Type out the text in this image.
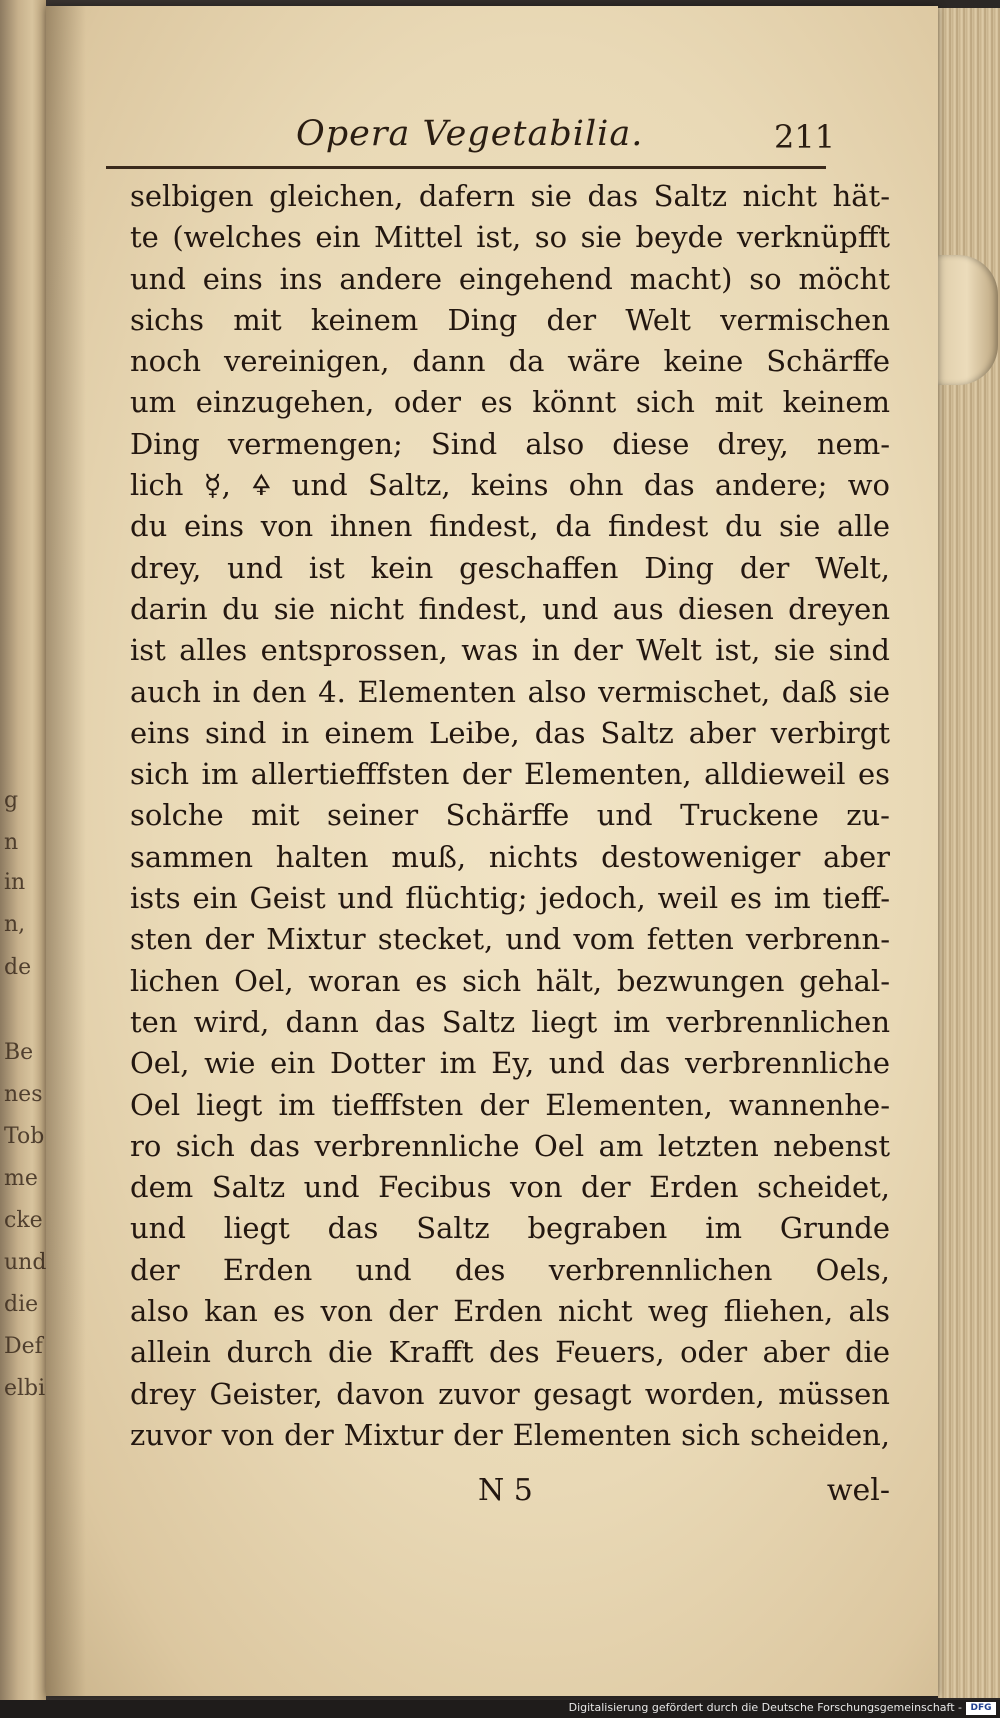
g
n
in
n,
de
Be
nes
Tob
me
cke
und
die
Def
elbi
Opera Vegetabilia.	211
selbigen gleichen, dafern sie das Saltz nicht hät-
te (welches ein Mittel ist, so sie beyde verknüpfft
und eins ins andere eingehend macht) so möcht
sichs mit keinem Ding der Welt vermischen
noch vereinigen, dann da wäre keine Schärffe
um einzugehen, oder es könnt sich mit keinem
Ding vermengen; Sind also diese drey, nem-
lich ☿, 🜍 und Saltz, keins ohn das andere; wo
du eins von ihnen findest, da findest du sie alle
drey, und ist kein geschaffen Ding der Welt,
darin du sie nicht findest, und aus diesen dreyen
ist alles entsprossen, was in der Welt ist, sie sind
auch in den 4. Elementen also vermischet, daß sie
eins sind in einem Leibe, das Saltz aber verbirgt
sich im allertiefffsten der Elementen, alldieweil es
solche mit seiner Schärffe und Truckene zu-
sammen halten muß, nichts destoweniger aber
ists ein Geist und flüchtig; jedoch, weil es im tieff-
sten der Mixtur stecket, und vom fetten verbrenn-
lichen Oel, woran es sich hält, bezwungen gehal-
ten wird, dann das Saltz liegt im verbrennlichen
Oel, wie ein Dotter im Ey, und das verbrennliche
Oel liegt im tiefffsten der Elementen, wannenhe-
ro sich das verbrennliche Oel am letzten nebenst
dem Saltz und Fecibus von der Erden scheidet,
und liegt das Saltz begraben im Grunde
der Erden und des verbrennlichen Oels,
also kan es von der Erden nicht weg fliehen, als
allein durch die Krafft des Feuers, oder aber die
drey Geister, davon zuvor gesagt worden, müssen
zuvor von der Mixtur der Elementen sich scheiden,
N 5	wel-
Digitalisierung gefördert durch die Deutsche Forschungsgemeinschaft - DFG
